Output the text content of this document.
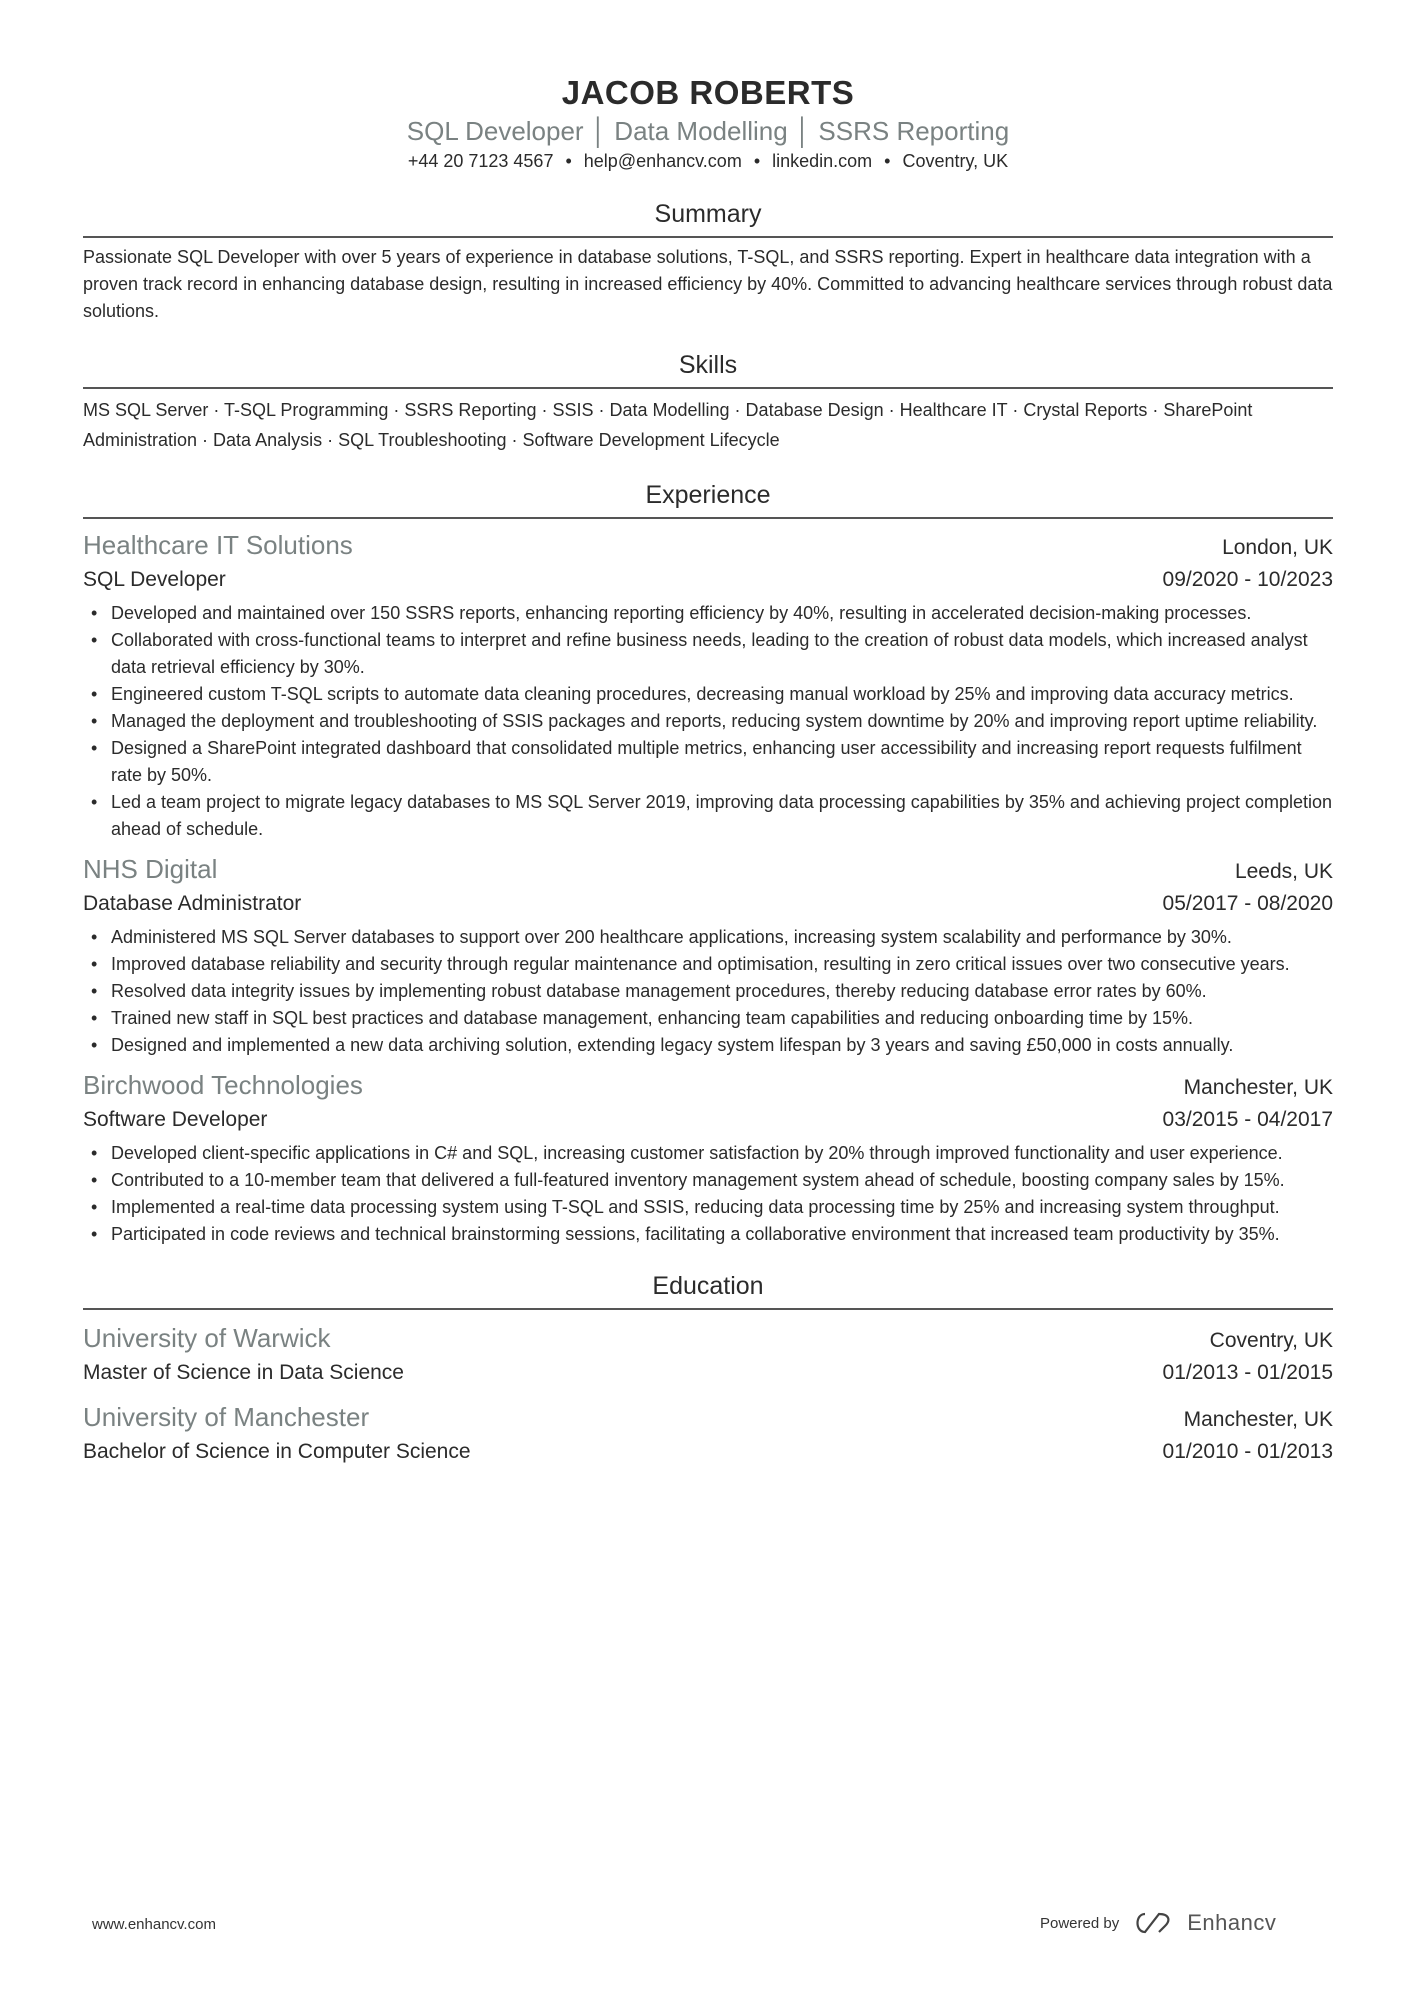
JACOB ROBERTS
SQL Developer │ Data Modelling │ SSRS Reporting
+44 20 7123 4567 • help@enhancv.com • linkedin.com • Coventry, UK
Summary
Passionate SQL Developer with over 5 years of experience in database solutions, T-SQL, and SSRS reporting. Expert in healthcare data integration with a proven track record in enhancing database design, resulting in increased efficiency by 40%. Committed to advancing healthcare services through robust data solutions.
Skills
MS SQL Server · T-SQL Programming · SSRS Reporting · SSIS · Data Modelling · Database Design · Healthcare IT · Crystal Reports · SharePoint Administration · Data Analysis · SQL Troubleshooting · Software Development Lifecycle
Experience
Healthcare IT Solutions	London, UK
SQL Developer	09/2020 - 10/2023
• Developed and maintained over 150 SSRS reports, enhancing reporting efficiency by 40%, resulting in accelerated decision-making processes.
• Collaborated with cross-functional teams to interpret and refine business needs, leading to the creation of robust data models, which increased analyst data retrieval efficiency by 30%.
• Engineered custom T-SQL scripts to automate data cleaning procedures, decreasing manual workload by 25% and improving data accuracy metrics.
• Managed the deployment and troubleshooting of SSIS packages and reports, reducing system downtime by 20% and improving report uptime reliability.
• Designed a SharePoint integrated dashboard that consolidated multiple metrics, enhancing user accessibility and increasing report requests fulfilment rate by 50%.
• Led a team project to migrate legacy databases to MS SQL Server 2019, improving data processing capabilities by 35% and achieving project completion ahead of schedule.
NHS Digital	Leeds, UK
Database Administrator	05/2017 - 08/2020
• Administered MS SQL Server databases to support over 200 healthcare applications, increasing system scalability and performance by 30%.
• Improved database reliability and security through regular maintenance and optimisation, resulting in zero critical issues over two consecutive years.
• Resolved data integrity issues by implementing robust database management procedures, thereby reducing database error rates by 60%.
• Trained new staff in SQL best practices and database management, enhancing team capabilities and reducing onboarding time by 15%.
• Designed and implemented a new data archiving solution, extending legacy system lifespan by 3 years and saving £50,000 in costs annually.
Birchwood Technologies	Manchester, UK
Software Developer	03/2015 - 04/2017
• Developed client-specific applications in C# and SQL, increasing customer satisfaction by 20% through improved functionality and user experience.
• Contributed to a 10-member team that delivered a full-featured inventory management system ahead of schedule, boosting company sales by 15%.
• Implemented a real-time data processing system using T-SQL and SSIS, reducing data processing time by 25% and increasing system throughput.
• Participated in code reviews and technical brainstorming sessions, facilitating a collaborative environment that increased team productivity by 35%.
Education
University of Warwick	Coventry, UK
Master of Science in Data Science	01/2013 - 01/2015
University of Manchester	Manchester, UK
Bachelor of Science in Computer Science	01/2010 - 01/2013
www.enhancv.com	Powered by	Enhancv
